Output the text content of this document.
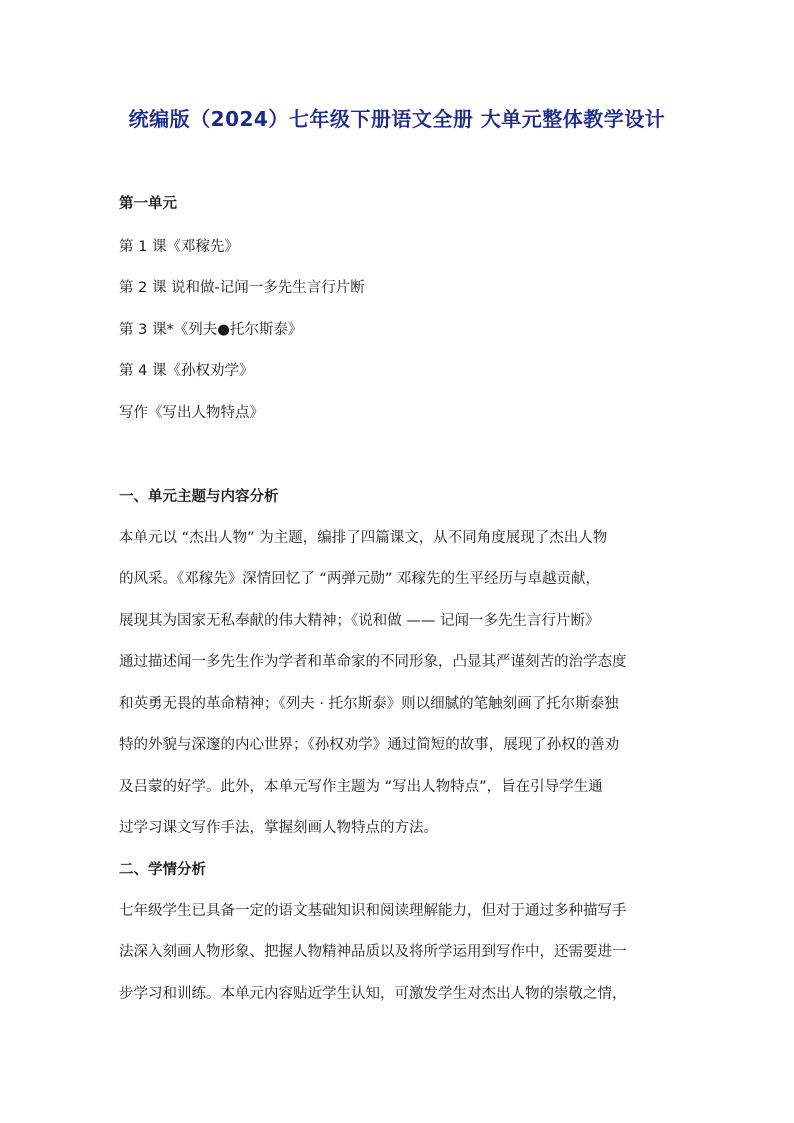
统编版（2024）七年级下册语文全册 大单元整体教学设计
第一单元
第 1 课《邓稼先》
第 2 课 说和做-记闻一多先生言行片断
第 3 课*《列夫●托尔斯泰》
第 4 课《孙权劝学》
写作《写出人物特点》
一、单元主题与内容分析
本单元以 “杰出人物” 为主题，编排了四篇课文，从不同角度展现了杰出人物
的风采。《邓稼先》深情回忆了 “两弹元勋” 邓稼先的生平经历与卓越贡献，
展现其为国家无私奉献的伟大精神；《说和做 —— 记闻一多先生言行片断》
通过描述闻一多先生作为学者和革命家的不同形象，凸显其严谨刻苦的治学态度
和英勇无畏的革命精神；《列夫 · 托尔斯泰》则以细腻的笔触刻画了托尔斯泰独
特的外貌与深邃的内心世界；《孙权劝学》通过简短的故事，展现了孙权的善劝
及吕蒙的好学。此外，本单元写作主题为 “写出人物特点”，旨在引导学生通
过学习课文写作手法，掌握刻画人物特点的方法。
二、学情分析
七年级学生已具备一定的语文基础知识和阅读理解能力，但对于通过多种描写手
法深入刻画人物形象、把握人物精神品质以及将所学运用到写作中，还需要进一
步学习和训练。本单元内容贴近学生认知，可激发学生对杰出人物的崇敬之情，
